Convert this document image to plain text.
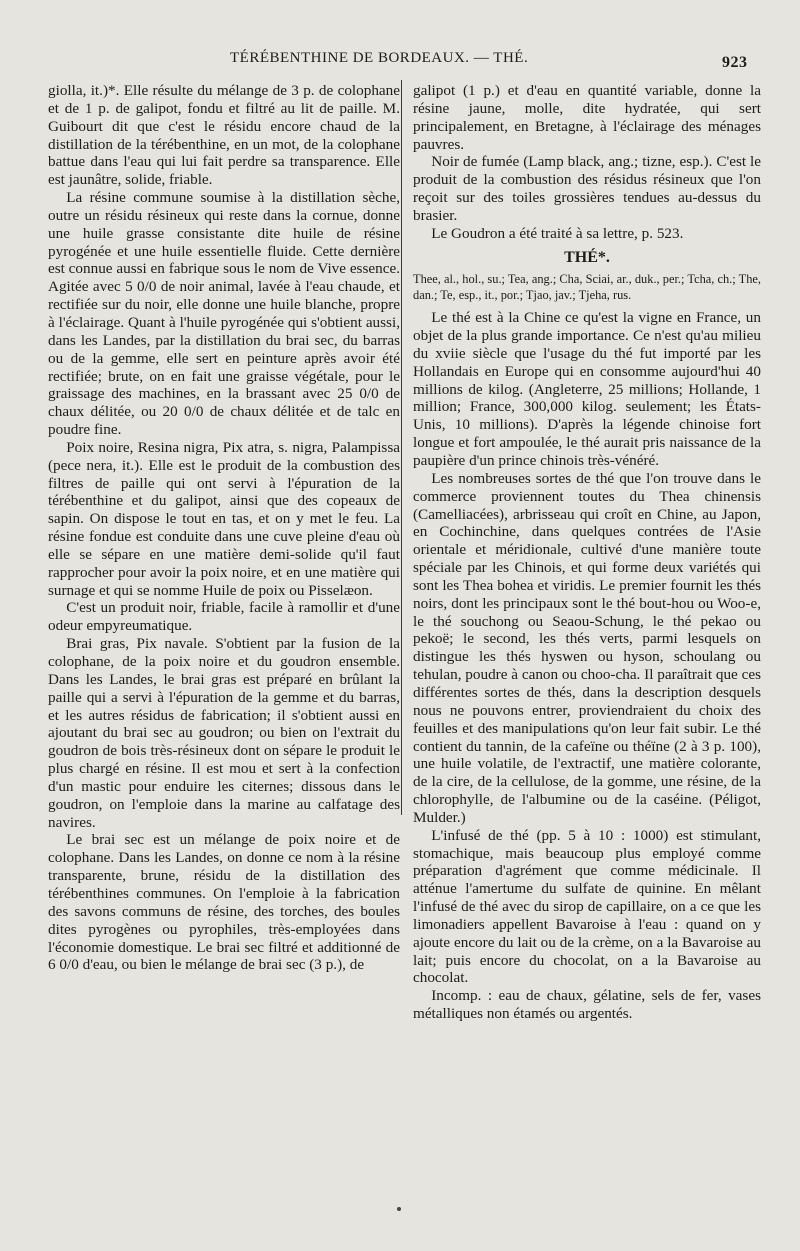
TÉRÉBENTHINE DE BORDEAUX. — THÉ.	923

giolla, it.)*. Elle résulte du mélange de 3 p. de colophane et de 1 p. de galipot, fondu et filtré au lit de paille. M. Guibourt dit que c'est le résidu encore chaud de la distillation de la térébenthine, en un mot, de la colophane battue dans l'eau qui lui fait perdre sa transparence. Elle est jaunâtre, solide, friable.

La résine commune soumise à la distillation sèche, outre un résidu résineux qui reste dans la cornue, donne une huile grasse consistante dite huile de résine pyrogénée et une huile essentielle fluide. Cette dernière est connue aussi en fabrique sous le nom de Vive essence. Agitée avec 5 0/0 de noir animal, lavée à l'eau chaude, et rectifiée sur du noir, elle donne une huile blanche, propre à l'éclairage. Quant à l'huile pyrogénée qui s'obtient aussi, dans les Landes, par la distillation du brai sec, du barras ou de la gemme, elle sert en peinture après avoir été rectifiée; brute, on en fait une graisse végétale, pour le graissage des machines, en la brassant avec 25 0/0 de chaux délitée, ou 20 0/0 de chaux délitée et de talc en poudre fine.

Poix noire, Resina nigra, Pix atra, s. nigra, Palampissa (pece nera, it.). Elle est le produit de la combustion des filtres de paille qui ont servi à l'épuration de la térébenthine et du galipot, ainsi que des copeaux de sapin. On dispose le tout en tas, et on y met le feu. La résine fondue est conduite dans une cuve pleine d'eau où elle se sépare en une matière demi-solide qu'il faut rapprocher pour avoir la poix noire, et en une matière qui surnage et qui se nomme Huile de poix ou Pisselæon.

C'est un produit noir, friable, facile à ramollir et d'une odeur empyreumatique.

Brai gras, Pix navale. S'obtient par la fusion de la colophane, de la poix noire et du goudron ensemble. Dans les Landes, le brai gras est préparé en brûlant la paille qui a servi à l'épuration de la gemme et du barras, et les autres résidus de fabrication; il s'obtient aussi en ajoutant du brai sec au goudron; ou bien on l'extrait du goudron de bois très-résineux dont on sépare le produit le plus chargé en résine. Il est mou et sert à la confection d'un mastic pour enduire les citernes; dissous dans le goudron, on l'emploie dans la marine au calfatage des navires.

Le brai sec est un mélange de poix noire et de colophane. Dans les Landes, on donne ce nom à la résine transparente, brune, résidu de la distillation des térébenthines communes. On l'emploie à la fabrication des savons communs de résine, des torches, des boules dites pyrogènes ou pyrophiles, très-employées dans l'économie domestique. Le brai sec filtré et additionné de 6 0/0 d'eau, ou bien le mélange de brai sec (3 p.), de

galipot (1 p.) et d'eau en quantité variable, donne la résine jaune, molle, dite hydratée, qui sert principalement, en Bretagne, à l'éclairage des ménages pauvres.

Noir de fumée (Lamp black, ang.; tizne, esp.). C'est le produit de la combustion des résidus résineux que l'on reçoit sur des toiles grossières tendues au-dessus du brasier.

Le Goudron a été traité à sa lettre, p. 523.

THÉ*.

Thee, al., hol., su.; Tea, ang.; Cha, Sciai, ar., duk., per.; Tcha, ch.; The, dan.; Te, esp., it., por.; Tjao, jav.; Tjeha, rus.

Le thé est à la Chine ce qu'est la vigne en France, un objet de la plus grande importance. Ce n'est qu'au milieu du xviie siècle que l'usage du thé fut importé par les Hollandais en Europe qui en consomme aujourd'hui 40 millions de kilog. (Angleterre, 25 millions; Hollande, 1 million; France, 300,000 kilog. seulement; les États-Unis, 10 millions). D'après la légende chinoise fort longue et fort ampoulée, le thé aurait pris naissance de la paupière d'un prince chinois très-vénéré.

Les nombreuses sortes de thé que l'on trouve dans le commerce proviennent toutes du Thea chinensis (Camelliacées), arbrisseau qui croît en Chine, au Japon, en Cochinchine, dans quelques contrées de l'Asie orientale et méridionale, cultivé d'une manière toute spéciale par les Chinois, et qui forme deux variétés qui sont les Thea bohea et viridis. Le premier fournit les thés noirs, dont les principaux sont le thé bout-hou ou Woo-e, le thé souchong ou Seaou-Schung, le thé pekao ou pekoë; le second, les thés verts, parmi lesquels on distingue les thés hyswen ou hyson, schoulang ou tehulan, poudre à canon ou choo-cha. Il paraîtrait que ces différentes sortes de thés, dans la description desquels nous ne pouvons entrer, proviendraient du choix des feuilles et des manipulations qu'on leur fait subir. Le thé contient du tannin, de la cafeïne ou théïne (2 à 3 p. 100), une huile volatile, de l'extractif, une matière colorante, de la cire, de la cellulose, de la gomme, une résine, de la chlorophylle, de l'albumine ou de la caséine. (Péligot, Mulder.)

L'infusé de thé (pp. 5 à 10 : 1000) est stimulant, stomachique, mais beaucoup plus employé comme préparation d'agrément que comme médicinale. Il atténue l'amertume du sulfate de quinine. En mêlant l'infusé de thé avec du sirop de capillaire, on a ce que les limonadiers appellent Bavaroise à l'eau : quand on y ajoute encore du lait ou de la crème, on a la Bavaroise au lait; puis encore du chocolat, on a la Bavaroise au chocolat.

Incomp. : eau de chaux, gélatine, sels de fer, vases métalliques non étamés ou argentés.
